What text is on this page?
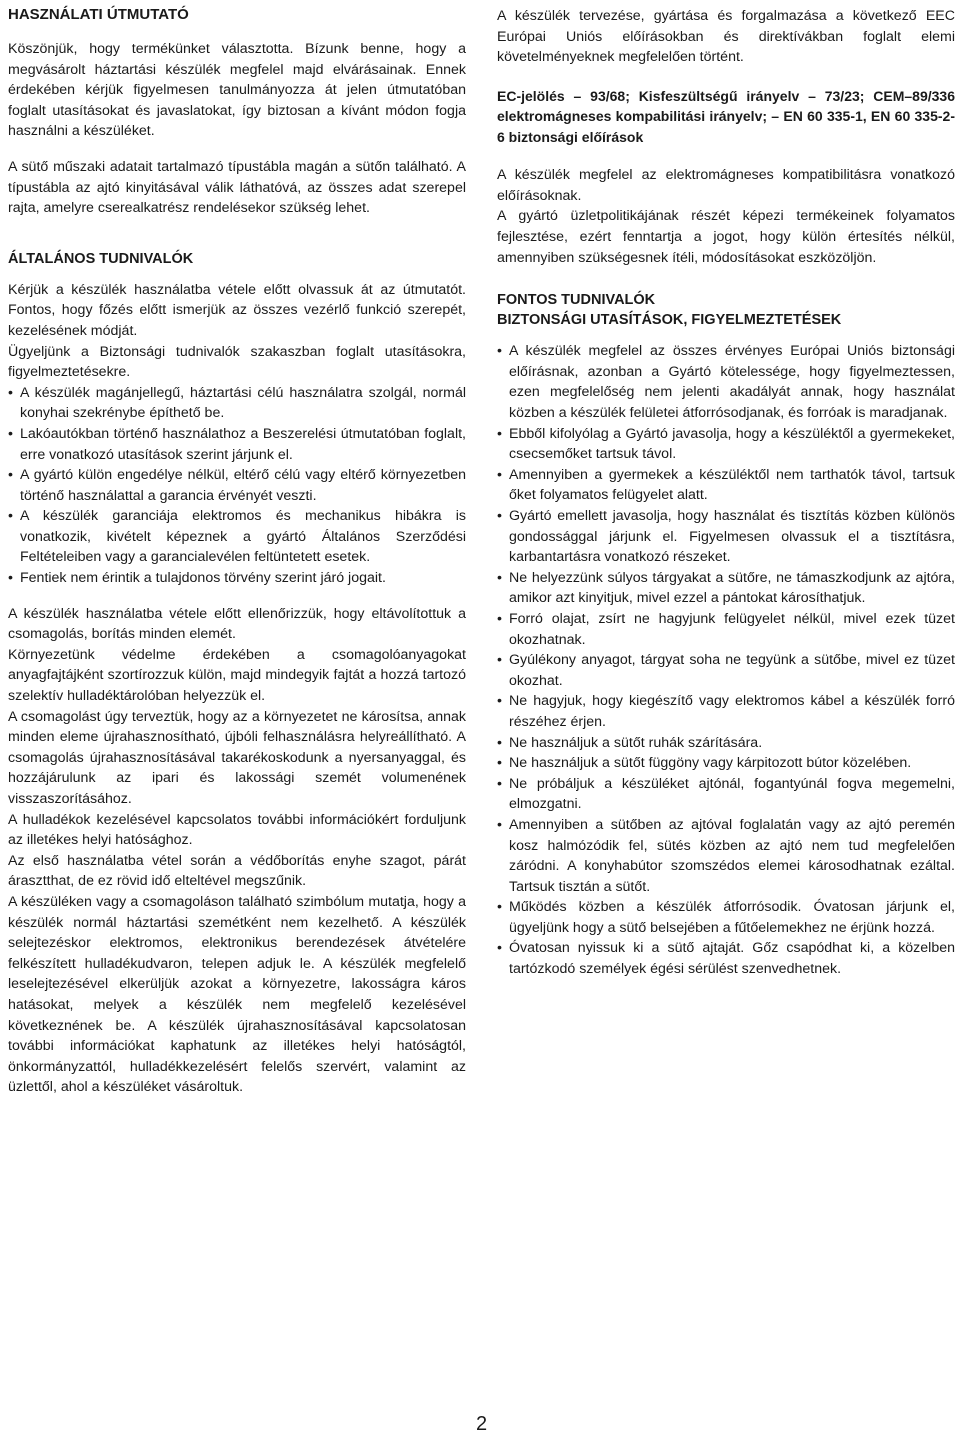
HASZNÁLATI ÚTMUTATÓ

Köszönjük, hogy termékünket választotta. Bízunk benne, hogy a megvásárolt háztartási készülék megfelel majd elvárásainak. Ennek érdekében kérjük figyelmesen tanulmányozza át jelen útmutatóban foglalt utasításokat és javaslatokat, így biztosan a kívánt módon fogja használni a készüléket.

A sütő műszaki adatait tartalmazó típustábla magán a sütőn található. A típustábla az ajtó kinyitásával válik láthatóvá, az összes adat szerepel rajta, amelyre cserealkatrész rendelésekor szükség lehet.

ÁLTALÁNOS TUDNIVALÓK

Kérjük a készülék használatba vétele előtt olvassuk át az útmutatót. Fontos, hogy főzés előtt ismerjük az összes vezérlő funkció szerepét, kezelésének módját.

Ügyeljünk a Biztonsági tudnivalók szakaszban foglalt utasításokra, figyelmeztetésekre.

• A készülék magánjellegű, háztartási célú használatra szolgál, normál konyhai szekrénybe építhető be.
• Lakóautókban történő használathoz a Beszerelési útmutatóban foglalt, erre vonatkozó utasítások szerint járjunk el.
• A gyártó külön engedélye nélkül, eltérő célú vagy eltérő környezetben történő használattal a garancia érvényét veszti.
• A készülék garanciája elektromos és mechanikus hibákra is vonatkozik, kivételt képeznek a gyártó Általános Szerződési Feltételeiben vagy a garancialevélen feltüntetett esetek.
• Fentiek nem érintik a tulajdonos törvény szerint járó jogait.

A készülék használatba vétele előtt ellenőrizzük, hogy eltávolítottuk a csomagolás, borítás minden elemét.

Környezetünk védelme érdekében a csomagolóanyagokat anyagfajtájként szortírozzuk külön, majd mindegyik fajtát a hozzá tartozó szelektív hulladéktárolóban helyezzük el.

A csomagolást úgy terveztük, hogy az a környezetet ne károsítsa, annak minden eleme újrahasznosítható, újbóli felhasználásra helyreállítható. A csomagolás újrahasznosításával takarékoskodunk a nyersanyaggal, és hozzájárulunk az ipari és lakossági szemét volumenének visszaszorításához.

A hulladékok kezelésével kapcsolatos további információkért forduljunk az illetékes helyi hatósághoz.

Az első használatba vétel során a védőborítás enyhe szagot, párát árasztthat, de ez rövid idő elteltével megszűnik.

A készüléken vagy a csomagoláson található szimbólum mutatja, hogy a készülék normál háztartási szemétként nem kezelhető. A készülék selejtezéskor elektromos, elektronikus berendezések átvételére felkészített hulladékudvaron, telepen adjuk le. A készülék megfelelő leselejtezésével elkerüljük azokat a környezetre, lakosságra káros hatásokat, melyek a készülék nem megfelelő kezelésével következnének be. A készülék újrahasznosításával kapcsolatosan további információkat kaphatunk az illetékes helyi hatóságtól, önkormányzattól, hulladékkezelésért felelős szervért, valamint az üzlettől, ahol a készüléket vásároltuk.

A készülék tervezése, gyártása és forgalmazása a következő EEC Európai Uniós előírásokban és direktívákban foglalt elemi követelményeknek megfelelően történt.

EC-jelölés – 93/68; Kisfeszültségű irányelv – 73/23; CEM–89/336 elektromágneses kompabilitási irányelv; – EN 60 335-1, EN 60 335-2-6 biztonsági előírások

A készülék megfelel az elektromágneses kompatibilitásra vonatkozó előírásoknak.

A gyártó üzletpolitikájának részét képezi termékeinek folyamatos fejlesztése, ezért fenntartja a jogot, hogy külön értesítés nélkül, amennyiben szükségesnek ítéli, módosításokat eszközöljön.

FONTOS TUDNIVALÓK
BIZTONSÁGI UTASÍTÁSOK, FIGYELMEZTETÉSEK
• A készülék megfelel az összes érvényes Európai Uniós biztonsági előírásnak, azonban a Gyártó kötelessége, hogy figyelmeztessen, ezen megfelelőség nem jelenti akadályát annak, hogy használat közben a készülék felületei átforrósodjanak, és forróak is maradjanak.
• Ebből kifolyólag a Gyártó javasolja, hogy a készüléktől a gyermekeket, csecsemőket tartsuk távol.
• Amennyiben a gyermekek a készüléktől nem tarthatók távol, tartsuk őket folyamatos felügyelet alatt.
• Gyártó emellett javasolja, hogy használat és tisztítás közben különös gondossággal járjunk el. Figyelmesen olvassuk el a tisztításra, karbantartásra vonatkozó részeket.
• Ne helyezzünk súlyos tárgyakat a sütőre, ne támaszkodjunk az ajtóra, amikor azt kinyitjuk, mivel ezzel a pántokat károsíthatjuk.
• Forró olajat, zsírt ne hagyjunk felügyelet nélkül, mivel ezek tüzet okozhatnak.
• Gyúlékony anyagot, tárgyat soha ne tegyünk a sütőbe, mivel ez tüzet okozhat.
• Ne hagyjuk, hogy kiegészítő vagy elektromos kábel a készülék forró részéhez érjen.
• Ne használjuk a sütőt ruhák szárítására.
• Ne használjuk a sütőt függöny vagy kárpitozott bútor közelében.
• Ne próbáljuk a készüléket ajtónál, fogantyúnál fogva megemelni, elmozgatni.
• Amennyiben a sütőben az ajtóval foglalatán vagy az ajtó peremén kosz halmózódik fel, sütés közben az ajtó nem tud megfelelően záródni. A konyhabútor szomszédos elemei károsodhatnak ezáltal. Tartsuk tisztán a sütőt.
• Működés közben a készülék átforrósodik. Óvatosan járjunk el, ügyeljünk hogy a sütő belsejében a fűtőelemekhez ne érjünk hozzá.
• Óvatosan nyissuk ki a sütő ajtaját. Gőz csapódhat ki, a közelben tartózkodó személyek égési sérülést szenvedhetnek.
2
